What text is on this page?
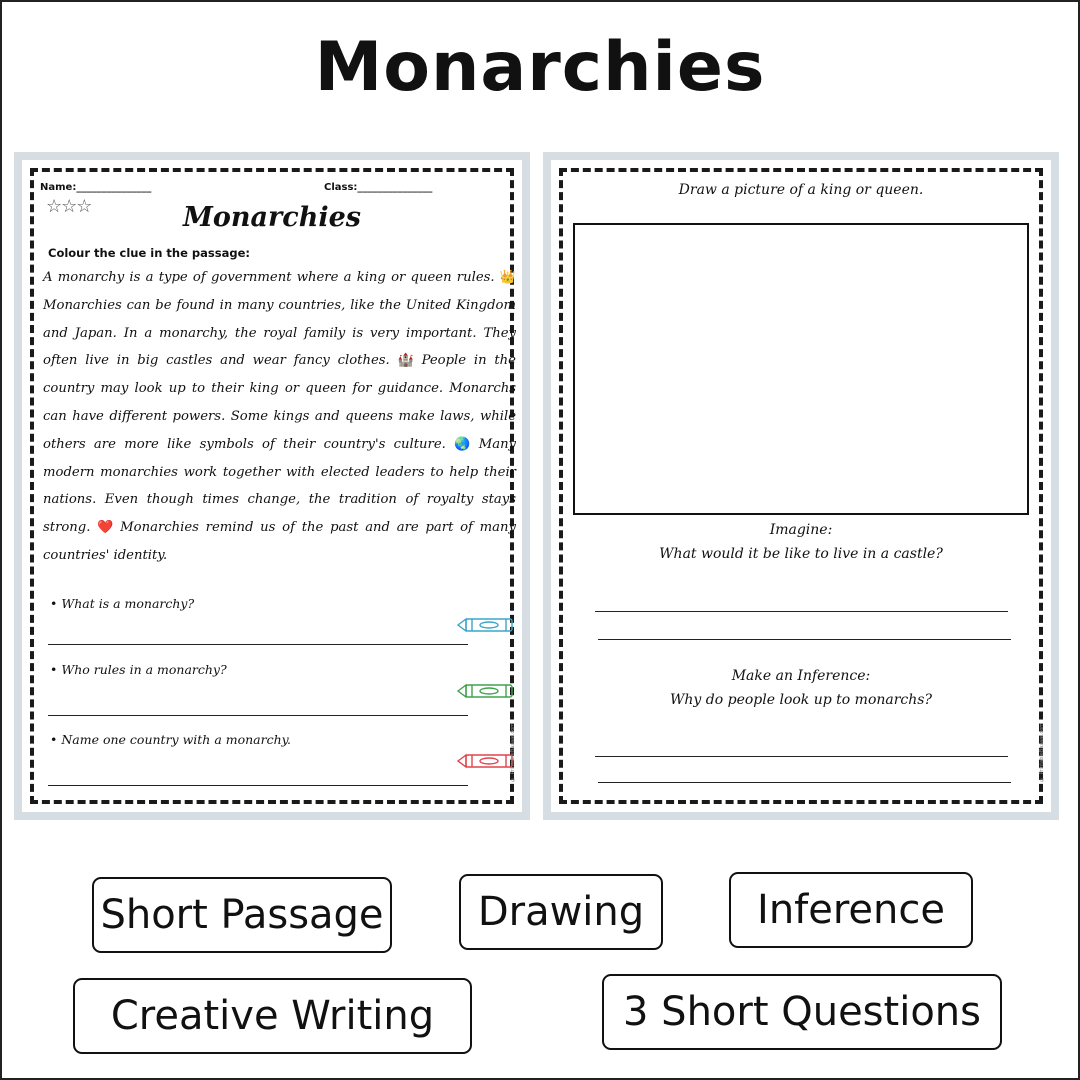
Monarchies
Name:_______________	Class:_______________
☆☆☆	Monarchies
Colour the clue in the passage:
A monarchy is a type of government where a king or queen rules. 👑 Monarchies can be found in many countries, like the United Kingdom and Japan. In a monarchy, the royal family is very important. They often live in big castles and wear fancy clothes. 🏰 People in the country may look up to their king or queen for guidance. Monarchs can have different powers. Some kings and queens make laws, while others are more like symbols of their country's culture. 🌏 Many modern monarchies work together with elected leaders to help their nations. Even though times change, the tradition of royalty stays strong. ❤️ Monarchies remind us of the past and are part of many countries' identity.
• What is a monarchy?
• Who rules in a monarchy?
• Name one country with a monarchy.	© PrintableBazaar.com
Draw a picture of a king or queen.
Imagine:
What would it be like to live in a castle?
Make an Inference:
Why do people look up to monarchs?
© PrintableBazaar.com
Short Passage	Drawing	Inference
Creative Writing	3 Short Questions
